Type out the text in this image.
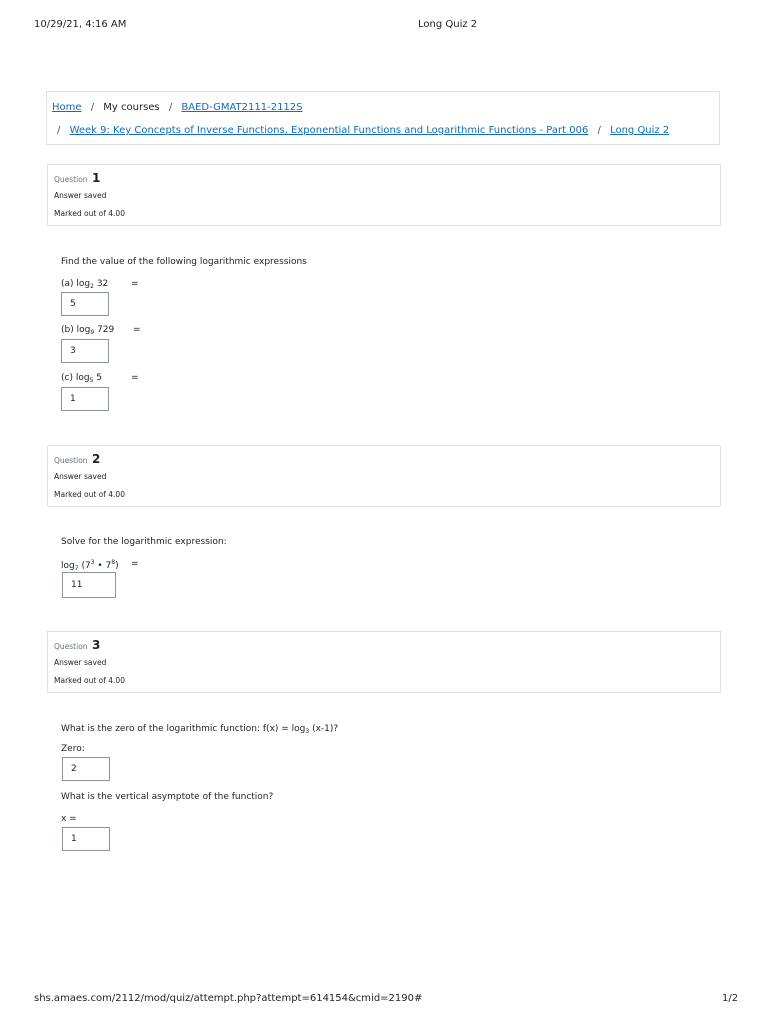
10/29/21, 4:16 AM	Long Quiz 2
Home / My courses / BAED-GMAT2111-2112S
/ Week 9: Key Concepts of Inverse Functions, Exponential Functions and Logarithmic Functions - Part 006 / Long Quiz 2
Question 1
Answer saved
Marked out of 4.00
Find the value of the following logarithmic expressions
(a) $\log_2 32$	=
5
(b) $\log_9 729$ =
3
(c) $\log_5 5$	=
1
Question 2
Answer saved
Marked out of 4.00
Solve for the logarithmic expression:
$\log_7 (7^3$ • $7^8$) =
11
Question 3
Answer saved
Marked out of 4.00
What is the zero of the logarithmic function: $f(x) = \log_3 (x-1)$?
Zero:
2
What is the vertical asymptote of the function?
x =
1
shs.amaes.com/2112/mod/quiz/attempt.php?attempt=614154&cmid=2190#	1/2
